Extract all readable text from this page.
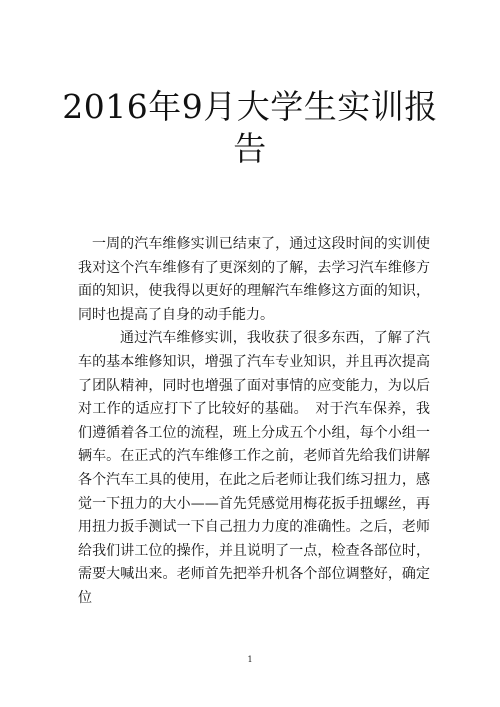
2016年9月大学生实训报告

一周的汽车维修实训已结束了，通过这段时间的实训使我对这个汽车维修有了更深刻的了解，去学习汽车维修方面的知识，使我得以更好的理解汽车维修这方面的知识，同时也提高了自身的动手能力。

通过汽车维修实训，我收获了很多东西，了解了汽车的基本维修知识，增强了汽车专业知识，并且再次提高了团队精神，同时也增强了面对事情的应变能力，为以后对工作的适应打下了比较好的基础。　对于汽车保养，我们遵循着各工位的流程，班上分成五个小组，每个小组一辆车。在正式的汽车维修工作之前，老师首先给我们讲解各个汽车工具的使用，在此之后老师让我们练习扭力，感觉一下扭力的大小——首先凭感觉用梅花扳手扭螺丝，再用扭力扳手测试一下自己扭力力度的准确性。之后，老师给我们讲工位的操作，并且说明了一点，检查各部位时，需要大喊出来。老师首先把举升机各个部位调整好，确定位

1
